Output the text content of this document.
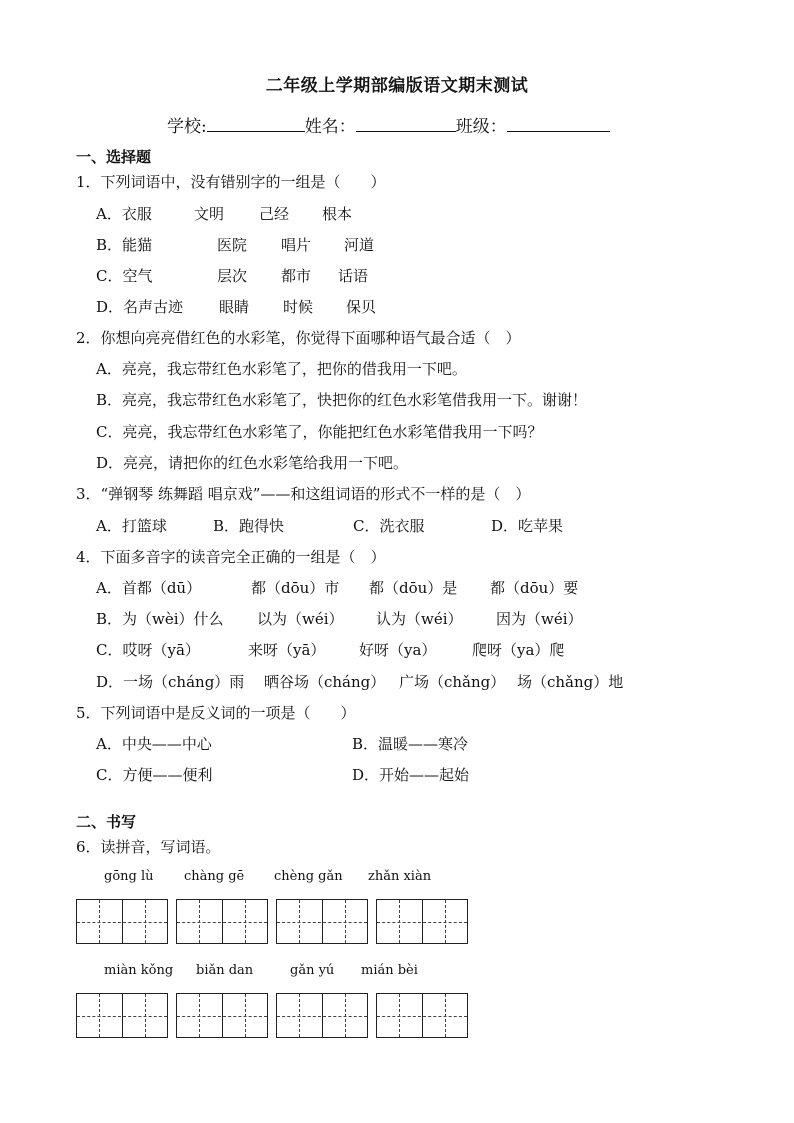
二年级上学期部编版语文期末测试
学校:	姓名：	班级：
一、选择题
1．下列词语中，没有错别字的一组是（　　）
A．衣服	文明 己经 根本
B．能猫	医院 唱片 河道
C．空气	层次 都市 话语
D．名声古迹 眼睛 时候 保贝
2．你想向亮亮借红色的水彩笔，你觉得下面哪种语气最合适（　）
A．亮亮，我忘带红色水彩笔了，把你的借我用一下吧。
B．亮亮，我忘带红色水彩笔了，快把你的红色水彩笔借我用一下。谢谢！
C．亮亮，我忘带红色水彩笔了，你能把红色水彩笔借我用一下吗？
D．亮亮，请把你的红色水彩笔给我用一下吧。
3．“弹钢琴 练舞蹈 唱京戏”——和这组词语的形式不一样的是（　）
A．打篮球	B．跑得快	C．洗衣服	D．吃苹果
4．下面多音字的读音完全正确的一组是（　）
A．首都（dū）	都（dōu）市 都（dōu）是 都（dōu）要
B．为（wèi）什么 以为（wéi） 认为（wéi） 因为（wéi）
C．哎呀（yā）	来呀（yā） 好呀（ya） 爬呀（ya）爬
D．一场（cháng）雨 晒谷场（cháng） 广场（chǎng） 场（chǎng）地
5．下列词语中是反义词的一项是（　　）
A．中央——中心	B．温暖——寒冷
C．方便——便利	D．开始——起始
二、书写
6．读拼音，写词语。
gōng lù chàng gē chèng gǎn zhǎn xiàn
miàn kǒng biǎn dan	gǎn yú mián bèi
